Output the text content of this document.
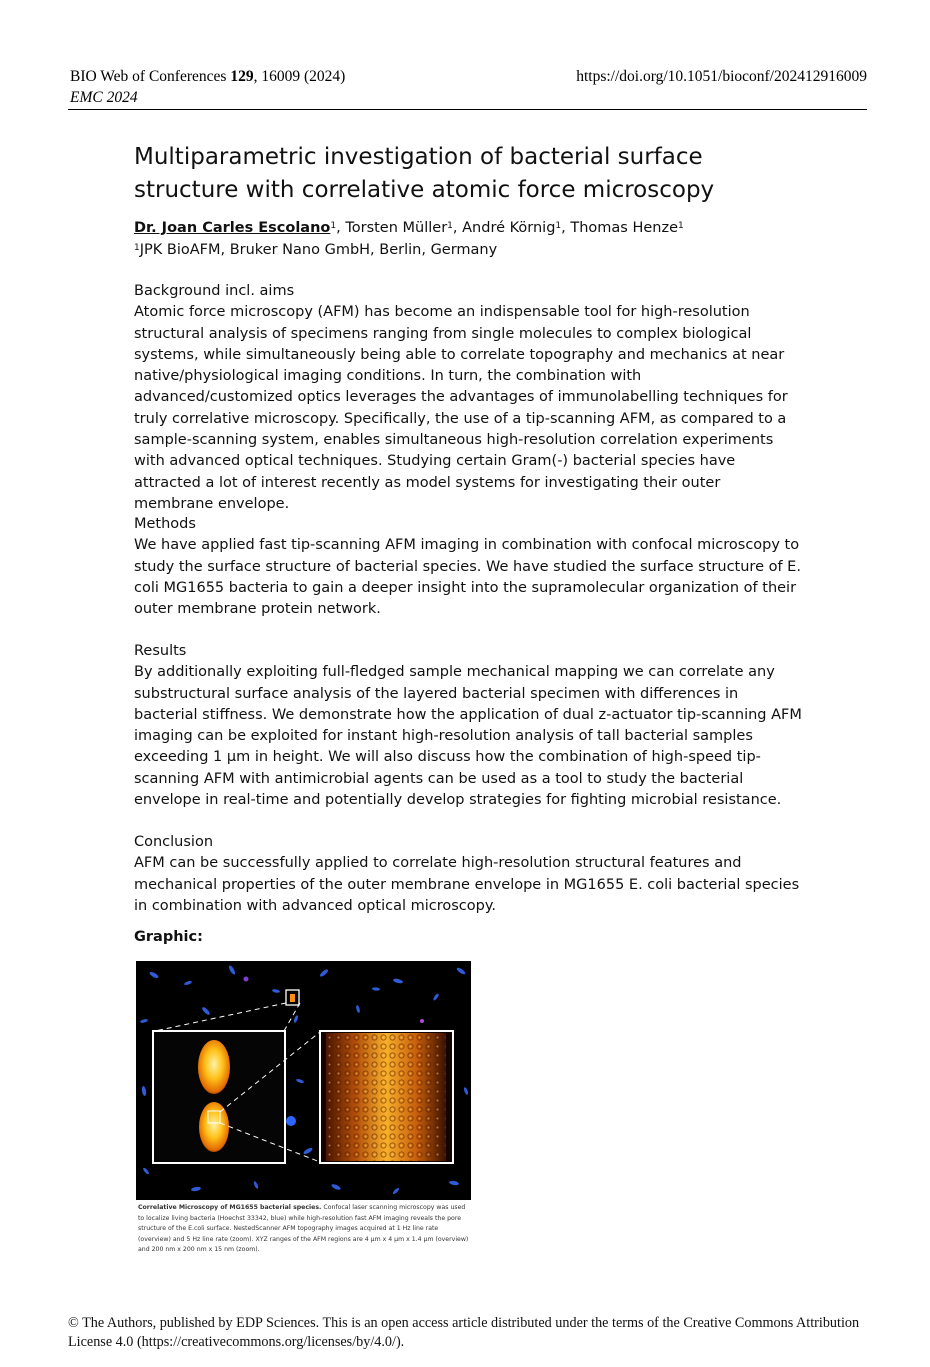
BIO Web of Conferences 129, 16009 (2024)
EMC 2024
https://doi.org/10.1051/bioconf/202412916009
Multiparametric investigation of bacterial surface structure with correlative atomic force microscopy
Dr. Joan Carles Escolano$^1$, Torsten Müller$^1$, André Körnig$^1$, Thomas Henze$^1$
$^1$JPK BioAFM, Bruker Nano GmbH, Berlin, Germany
Background incl. aims

Atomic force microscopy (AFM) has become an indispensable tool for high-resolution structural analysis of specimens ranging from single molecules to complex biological systems, while simultaneously being able to correlate topography and mechanics at near native/physiological imaging conditions. In turn, the combination with advanced/customized optics leverages the advantages of immunolabelling techniques for truly correlative microscopy. Specifically, the use of a tip-scanning AFM, as compared to a sample-scanning system, enables simultaneous high-resolution correlation experiments with advanced optical techniques. Studying certain Gram(-) bacterial species have attracted a lot of interest recently as model systems for investigating their outer membrane envelope.

Methods

We have applied fast tip-scanning AFM imaging in combination with confocal microscopy to study the surface structure of bacterial species. We have studied the surface structure of E. coli MG1655 bacteria to gain a deeper insight into the supramolecular organization of their outer membrane protein network.

Results

By additionally exploiting full-fledged sample mechanical mapping we can correlate any substructural surface analysis of the layered bacterial specimen with differences in bacterial stiffness. We demonstrate how the application of dual z-actuator tip-scanning AFM imaging can be exploited for instant high-resolution analysis of tall bacterial samples exceeding 1 µm in height. We will also discuss how the combination of high-speed tip-scanning AFM with antimicrobial agents can be used as a tool to study the bacterial envelope in real-time and potentially develop strategies for fighting microbial resistance.

Conclusion

AFM can be successfully applied to correlate high-resolution structural features and mechanical properties of the outer membrane envelope in MG1655 E. coli bacterial species in combination with advanced optical microscopy.

Graphic:
Correlative Microscopy of MG1655 bacterial species. Confocal laser scanning microscopy was used to localize living bacteria (Hoechst 33342, blue) while high-resolution fast AFM imaging reveals the pore structure of the E.coli surface. NestedScanner AFM topography images acquired at 1 Hz line rate (overview) and 5 Hz line rate (zoom). XYZ ranges of the AFM regions are 4 µm x 4 µm x 1.4 µm (overview) and 200 nm x 200 nm x 15 nm (zoom).
© The Authors, published by EDP Sciences. This is an open access article distributed under the terms of the Creative Commons Attribution License 4.0 (https://creativecommons.org/licenses/by/4.0/).
